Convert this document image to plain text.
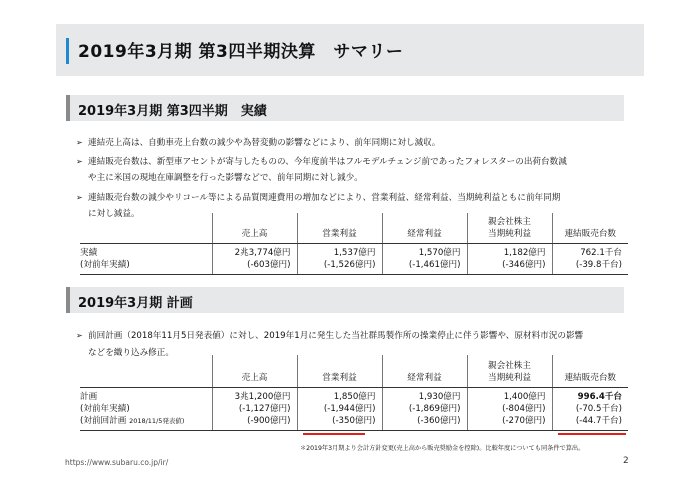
2019年3月期 第3四半期決算　サマリー
2019年3月期 第3四半期　実績
➢ 連結売上高は、自動車売上台数の減少や為替変動の影響などにより、前年同期に対し減収。
➢ 連結販売台数は、新型車アセントが寄与したものの、今年度前半はフルモデルチェンジ前であったフォレスターの出荷台数減
や主に米国の現地在庫調整を行った影響などで、前年同期に対し減少。
➢ 連結販売台数の減少やリコール等による品質関連費用の増加などにより、営業利益、経常利益、当期純利益ともに前年同期
に対し減益。
	売上高	営業利益	経常利益	親会社株主
当期純利益	連結販売台数
実績	2兆3,774億円	1,537億円	1,570億円	1,182億円	762.1千台
(対前年実績)	(-603億円)	(-1,526億円)	(-1,461億円)	(-346億円)	(-39.8千台)
2019年3月期 計画
➢ 前回計画（2018年11月5日発表値）に対し、2019年1月に発生した当社群馬製作所の操業停止に伴う影響や、原材料市況の影響
などを織り込み修正。
	売上高	営業利益	経常利益	親会社株主
当期純利益	連結販売台数
計画	3兆1,200億円	1,850億円	1,930億円	1,400億円	996.4千台
(対前年実績)	(-1,127億円)	(-1,944億円)	(-1,869億円)	(-804億円)	(-70.5千台)
(対前回計画 2018/11/5発表値)	(-900億円)	(-350億円)	(-360億円)	(-270億円)	(-44.7千台)
＊2019年3月期より会計方針変更(売上高から販売奨励金を控除)。比較年度についても同条件で算出。
https://www.subaru.co.jp/ir/	2
